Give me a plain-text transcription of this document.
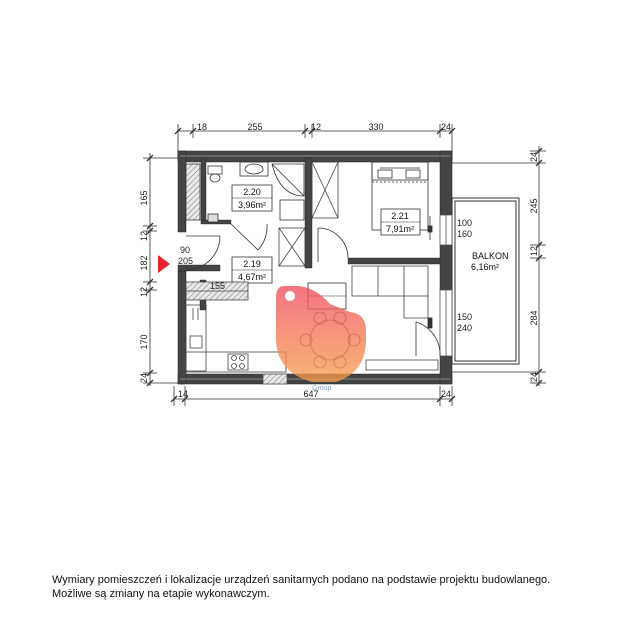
18	255	12	330	24
14	647	24
165
12
182
12
170
24
24
245
12
284
24
BALKON
6,16m²
2.20
3,96m²
2.19
4,67m²
2.21
7,91m²
90
205
155
100
160
150
240
Group
Wymiary pomieszczeń i lokalizacje urządzeń sanitarnych podano na podstawie projektu budowlanego.
Możliwe są zmiany na etapie wykonawczym.
